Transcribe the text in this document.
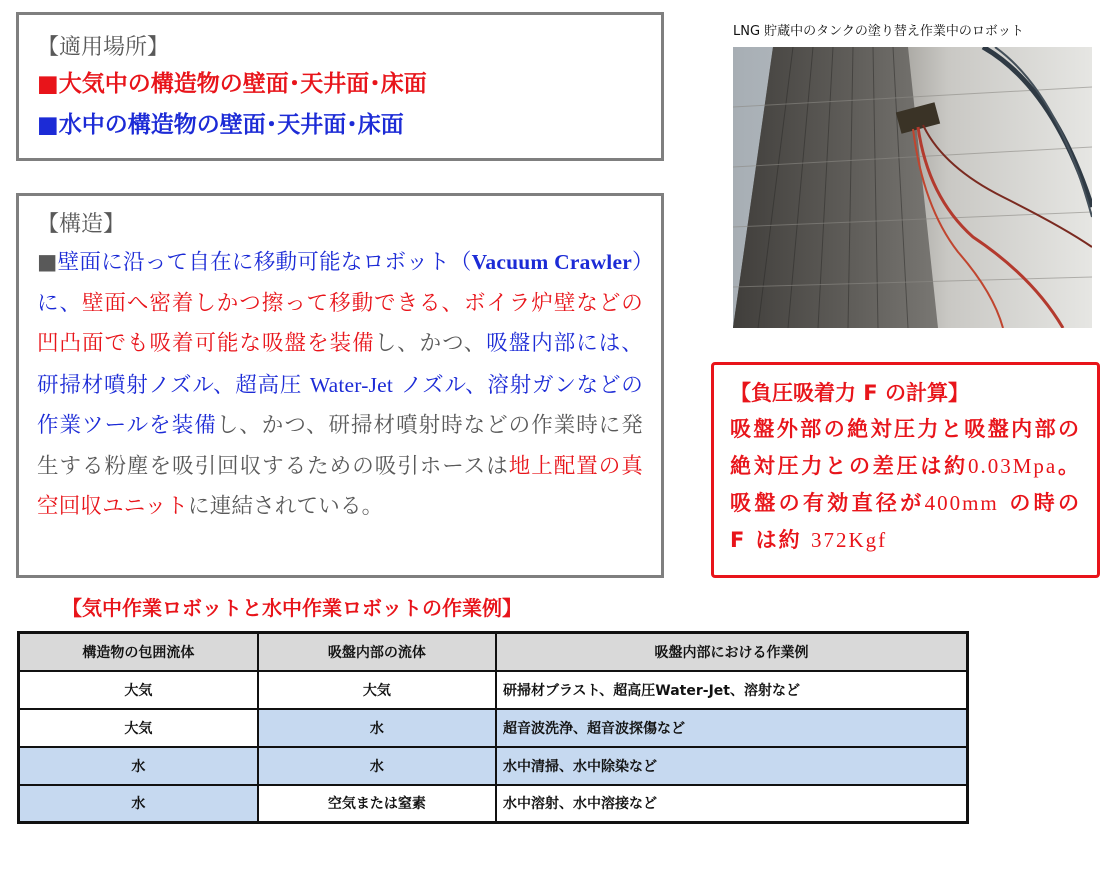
【適用場所】
■大気中の構造物の壁面･天井面･床面
■水中の構造物の壁面･天井面･床面
【構造】
■壁面に沿って自在に移動可能なロボット（Vacuum Crawler）に、壁面へ密着しかつ擦って移動できる、ボイラ炉壁などの凹凸面でも吸着可能な吸盤を装備し、かつ、吸盤内部には、研掃材噴射ノズル、超高圧 Water-Jet ノズル、溶射ガンなどの作業ツールを装備し、かつ、研掃材噴射時などの作業時に発生する粉塵を吸引回収するための吸引ホースは地上配置の真空回収ユニットに連結されている。
LNG 貯蔵中のタンクの塗り替え作業中のロボット
【負圧吸着力 F の計算】
吸盤外部の絶対圧力と吸盤内部の絶対圧力との差圧は約0.03Mpa。吸盤の有効直径が400mm の時の F は約 372Kgf
【気中作業ロボットと水中作業ロボットの作業例】
構造物の包囲流体	吸盤内部の流体	吸盤内部における作業例
大気	大気	研掃材ブラスト、超高圧Water-Jet、溶射など
大気	水	超音波洗浄、超音波探傷など
水	水	水中清掃、水中除染など
水	空気または窒素	水中溶射、水中溶接など
